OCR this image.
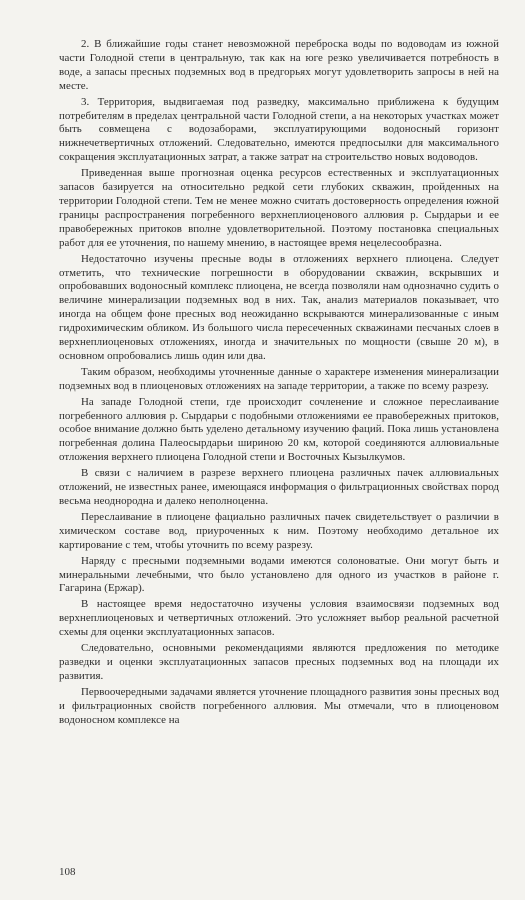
2. В ближайшие годы станет невозможной переброска воды по водоводам из южной части Голодной степи в центральную, так как на юге резко увеличивается потребность в воде, а запасы пресных подземных вод в предгорьях могут удовлетворить запросы в ней на месте.

3. Территория, выдвигаемая под разведку, максимально приближена к будущим потребителям в пределах центральной части Голодной степи, а на некоторых участках может быть совмещена с водозаборами, эксплуатирующими водоносный горизонт нижнечетвертичных отложений. Следовательно, имеются предпосылки для максимального сокращения эксплуатационных затрат, а также затрат на строительство новых водоводов.

Приведенная выше прогнозная оценка ресурсов естественных и эксплуатационных запасов базируется на относительно редкой сети глубоких скважин, пройденных на территории Голодной степи. Тем не менее можно считать достоверность определения южной границы распространения погребенного верхнеплиоценового аллювия р. Сырдарьи и ее правобережных притоков вполне удовлетворительной. Поэтому постановка специальных работ для ее уточнения, по нашему мнению, в настоящее время нецелесообразна.

Недостаточно изучены пресные воды в отложениях верхнего плиоцена. Следует отметить, что технические погрешности в оборудовании скважин, вскрывших и опробовавших водоносный комплекс плиоцена, не всегда позволяли нам однозначно судить о величине минерализации подземных вод в них. Так, анализ материалов показывает, что иногда на общем фоне пресных вод неожиданно вскрываются минерализованные с иным гидрохимическим обликом. Из большого числа пересеченных скважинами песчаных слоев в верхнеплиоценовых отложениях, иногда и значительных по мощности (свыше 20 м), в основном опробовались лишь один или два.

Таким образом, необходимы уточненные данные о характере изменения минерализации подземных вод в плиоценовых отложениях на западе территории, а также по всему разрезу.

На западе Голодной степи, где происходит сочленение и сложное переслаивание погребенного аллювия р. Сырдарьи с подобными отложениями ее правобережных притоков, особое внимание должно быть уделено детальному изучению фаций. Пока лишь установлена погребенная долина Палеосырдарьи шириною 20 км, которой соединяются аллювиальные отложения верхнего плиоцена Голодной степи и Восточных Кызылкумов.

В связи с наличием в разрезе верхнего плиоцена различных пачек аллювиальных отложений, не известных ранее, имеющаяся информация о фильтрационных свойствах пород весьма неоднородна и далеко неполноценна.

Переслаивание в плиоцене фациально различных пачек свидетельствует о различии в химическом составе вод, приуроченных к ним. Поэтому необходимо детальное их картирование с тем, чтобы уточнить по всему разрезу.

Наряду с пресными подземными водами имеются солоноватые. Они могут быть и минеральными лечебными, что было установлено для одного из участков в районе г. Гагарина (Ержар).

В настоящее время недостаточно изучены условия взаимосвязи подземных вод верхнеплиоценовых и четвертичных отложений. Это усложняет выбор реальной расчетной схемы для оценки эксплуатационных запасов.

Следовательно, основными рекомендациями являются предложения по методике разведки и оценки эксплуатационных запасов пресных подземных вод на площади их развития.

Первоочередными задачами является уточнение площадного развития зоны пресных вод и фильтрационных свойств погребенного аллювия. Мы отмечали, что в плиоценовом водоносном комплексе на

108
